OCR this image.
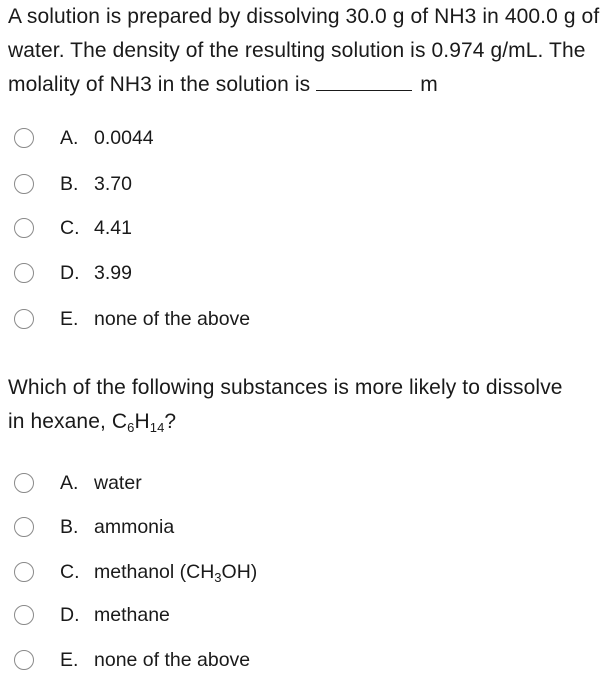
A solution is prepared by dissolving 30.0 g of NH3 in 400.0 g of
water. The density of the resulting solution is 0.974 g/mL. The
molality of NH3 in the solution is	m
A. 0.0044
B. 3.70
C. 4.41
D. 3.99
E. none of the above
Which of the following substances is more likely to dissolve
in hexane, $C_6H_{14}$?
A. water
B. ammonia
C. methanol $(CH_3OH)$
D. methane
E. none of the above
